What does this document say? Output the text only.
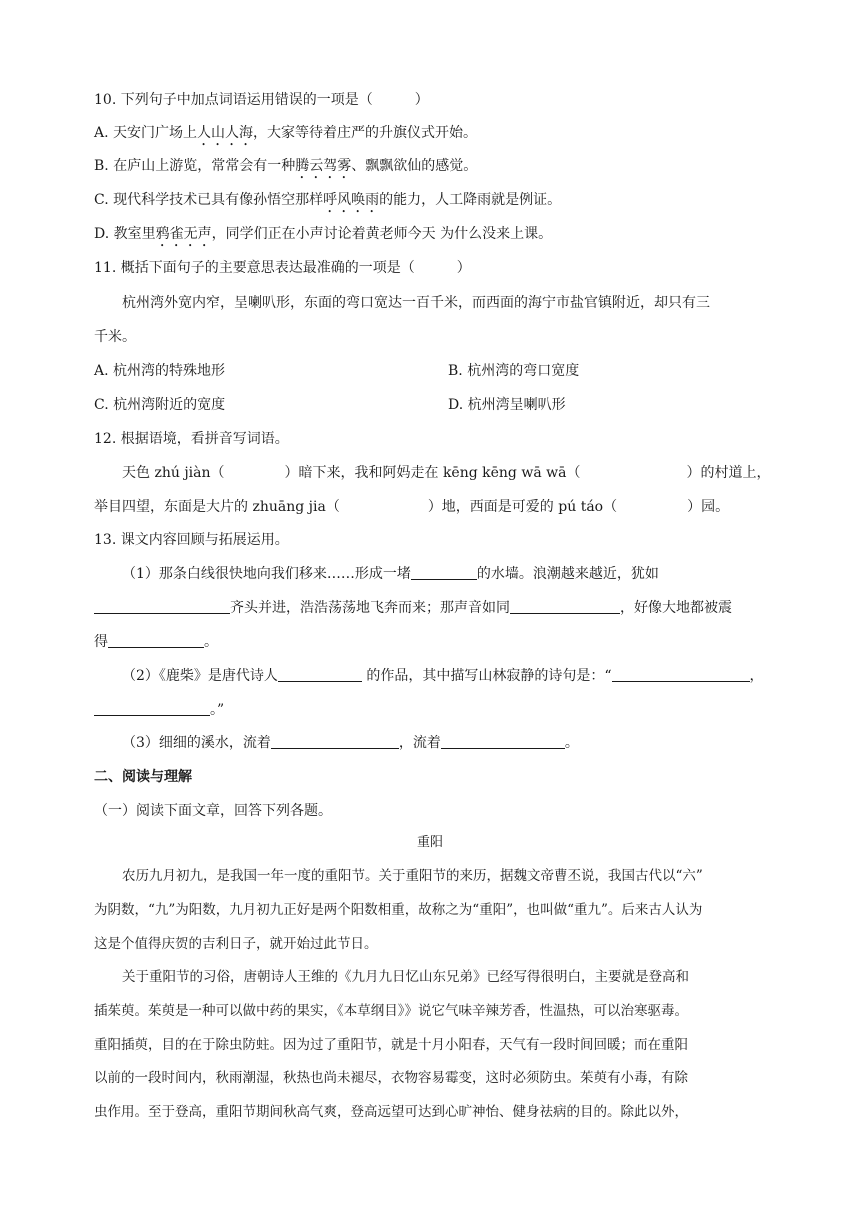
10. 下列句子中加点词语运用错误的一项是（　　　）
A. 天安门广场上人山人海，大家等待着庄严的升旗仪式开始。
B. 在庐山上游览，常常会有一种腾云驾雾、飘飘欲仙的感觉。
C. 现代科学技术已具有像孙悟空那样呼风唤雨的能力，人工降雨就是例证。
D. 教室里鸦雀无声，同学们正在小声讨论着黄老师今天 为什么没来上课。
11. 概括下面句子的主要意思表达最准确的一项是（　　　）
杭州湾外宽内窄，呈喇叭形，东面的弯口宽达一百千米，而西面的海宁市盐官镇附近，却只有三
千米。
A. 杭州湾的特殊地形	B. 杭州湾的弯口宽度
C. 杭州湾附近的宽度	D. 杭州湾呈喇叭形
12. 根据语境，看拼音写词语。
天色 zhú jiàn（	）暗下来，我和阿妈走在 kēng kēng wā wā（	）的村道上，
举目四望，东面是大片的 zhuāng jia（	）地，西面是可爱的 pú táo（	）园。
13. 课文内容回顾与拓展运用。
（1）那条白线很快地向我们移来……形成一堵	的水墙。浪潮越来越近，犹如
齐头并进，浩浩荡荡地飞奔而来；那声音如同	，好像大地都被震
得	。
（2）《鹿柴》是唐代诗人	的作品，其中描写山林寂静的诗句是：“	，
。”
（3）细细的溪水，流着	，流着	。
二、阅读与理解
（一）阅读下面文章，回答下列各题。
重阳
农历九月初九，是我国一年一度的重阳节。关于重阳节的来历，据魏文帝曹丕说，我国古代以“六”
为阴数，“九”为阳数，九月初九正好是两个阳数相重，故称之为“重阳”，也叫做“重九”。后来古人认为
这是个值得庆贺的吉利日子，就开始过此节日。
关于重阳节的习俗，唐朝诗人王维的《九月九日忆山东兄弟》已经写得很明白，主要就是登高和
插茱萸。茱萸是一种可以做中药的果实，《本草纲目》》说它气味辛辣芳香，性温热，可以治寒驱毒。
重阳插萸，目的在于除虫防蛀。因为过了重阳节，就是十月小阳春，天气有一段时间回暖；而在重阳
以前的一段时间内，秋雨潮湿，秋热也尚未褪尽，衣物容易霉变，这时必须防虫。茱萸有小毒，有除
虫作用。至于登高，重阳节期间秋高气爽，登高远望可达到心旷神怡、健身祛病的目的。除此以外，
